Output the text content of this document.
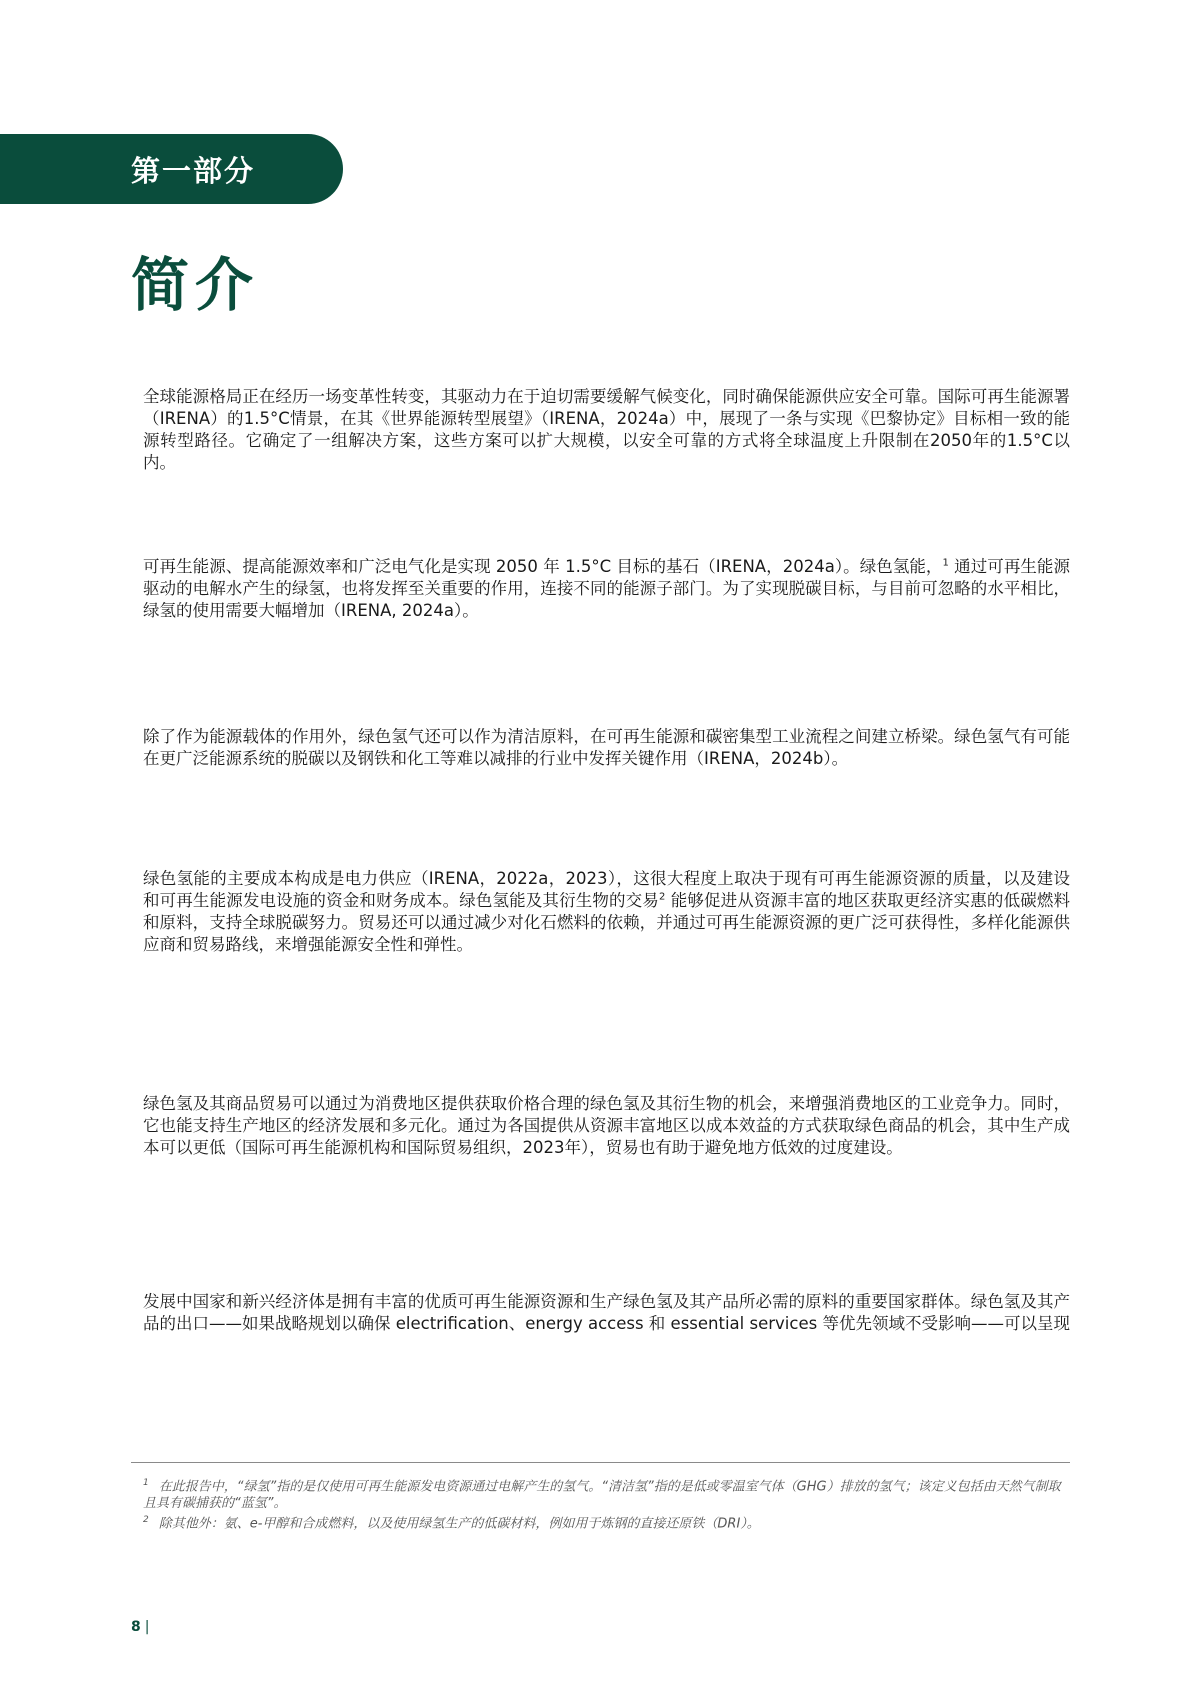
第一部分
简介

全球能源格局正在经历一场变革性转变，其驱动力在于迫切需要缓解气候变化，同时确保能源供应安全可靠。国际可再生能源署（IRENA）的1.5°C情景，在其《世界能源转型展望》（IRENA，2024a）中，展现了一条与实现《巴黎协定》目标相一致的能源转型路径。它确定了一组解决方案，这些方案可以扩大规模，以安全可靠的方式将全球温度上升限制在2050年的1.5°C以内。

可再生能源、提高能源效率和广泛电气化是实现 2050 年 1.5°C 目标的基石（IRENA，2024a）。绿色氢能，$^1$ 通过可再生能源驱动的电解水产生的绿氢，也将发挥至关重要的作用，连接不同的能源子部门。为了实现脱碳目标，与目前可忽略的水平相比，绿氢的使用需要大幅增加（IRENA, 2024a）。

除了作为能源载体的作用外，绿色氢气还可以作为清洁原料，在可再生能源和碳密集型工业流程之间建立桥梁。绿色氢气有可能在更广泛能源系统的脱碳以及钢铁和化工等难以减排的行业中发挥关键作用（IRENA，2024b）。

绿色氢能的主要成本构成是电力供应（IRENA，2022a，2023），这很大程度上取决于现有可再生能源资源的质量，以及建设和可再生能源发电设施的资金和财务成本。绿色氢能及其衍生物的交易$^2$ 能够促进从资源丰富的地区获取更经济实惠的低碳燃料和原料，支持全球脱碳努力。贸易还可以通过减少对化石燃料的依赖，并通过可再生能源资源的更广泛可获得性，多样化能源供应商和贸易路线，来增强能源安全性和弹性。

绿色氢及其商品贸易可以通过为消费地区提供获取价格合理的绿色氢及其衍生物的机会，来增强消费地区的工业竞争力。同时，它也能支持生产地区的经济发展和多元化。通过为各国提供从资源丰富地区以成本效益的方式获取绿色商品的机会，其中生产成本可以更低（国际可再生能源机构和国际贸易组织，2023年），贸易也有助于避免地方低效的过度建设。

发展中国家和新兴经济体是拥有丰富的优质可再生能源资源和生产绿色氢及其产品所必需的原料的重要国家群体。绿色氢及其产品的出口——如果战略规划以确保 electrification、energy access 和 essential services 等优先领域不受影响——可以呈现

$^1$ 在此报告中，“绿氢”指的是仅使用可再生能源发电资源通过电解产生的氢气。“清洁氢”指的是低或零温室气体（GHG）排放的氢气；该定义包括由天然气制取且具有碳捕获的“蓝氢”。

$^2$ 除其他外：氨、e-甲醇和合成燃料，以及使用绿氢生产的低碳材料，例如用于炼钢的直接还原铁（DRI）。

8 |
